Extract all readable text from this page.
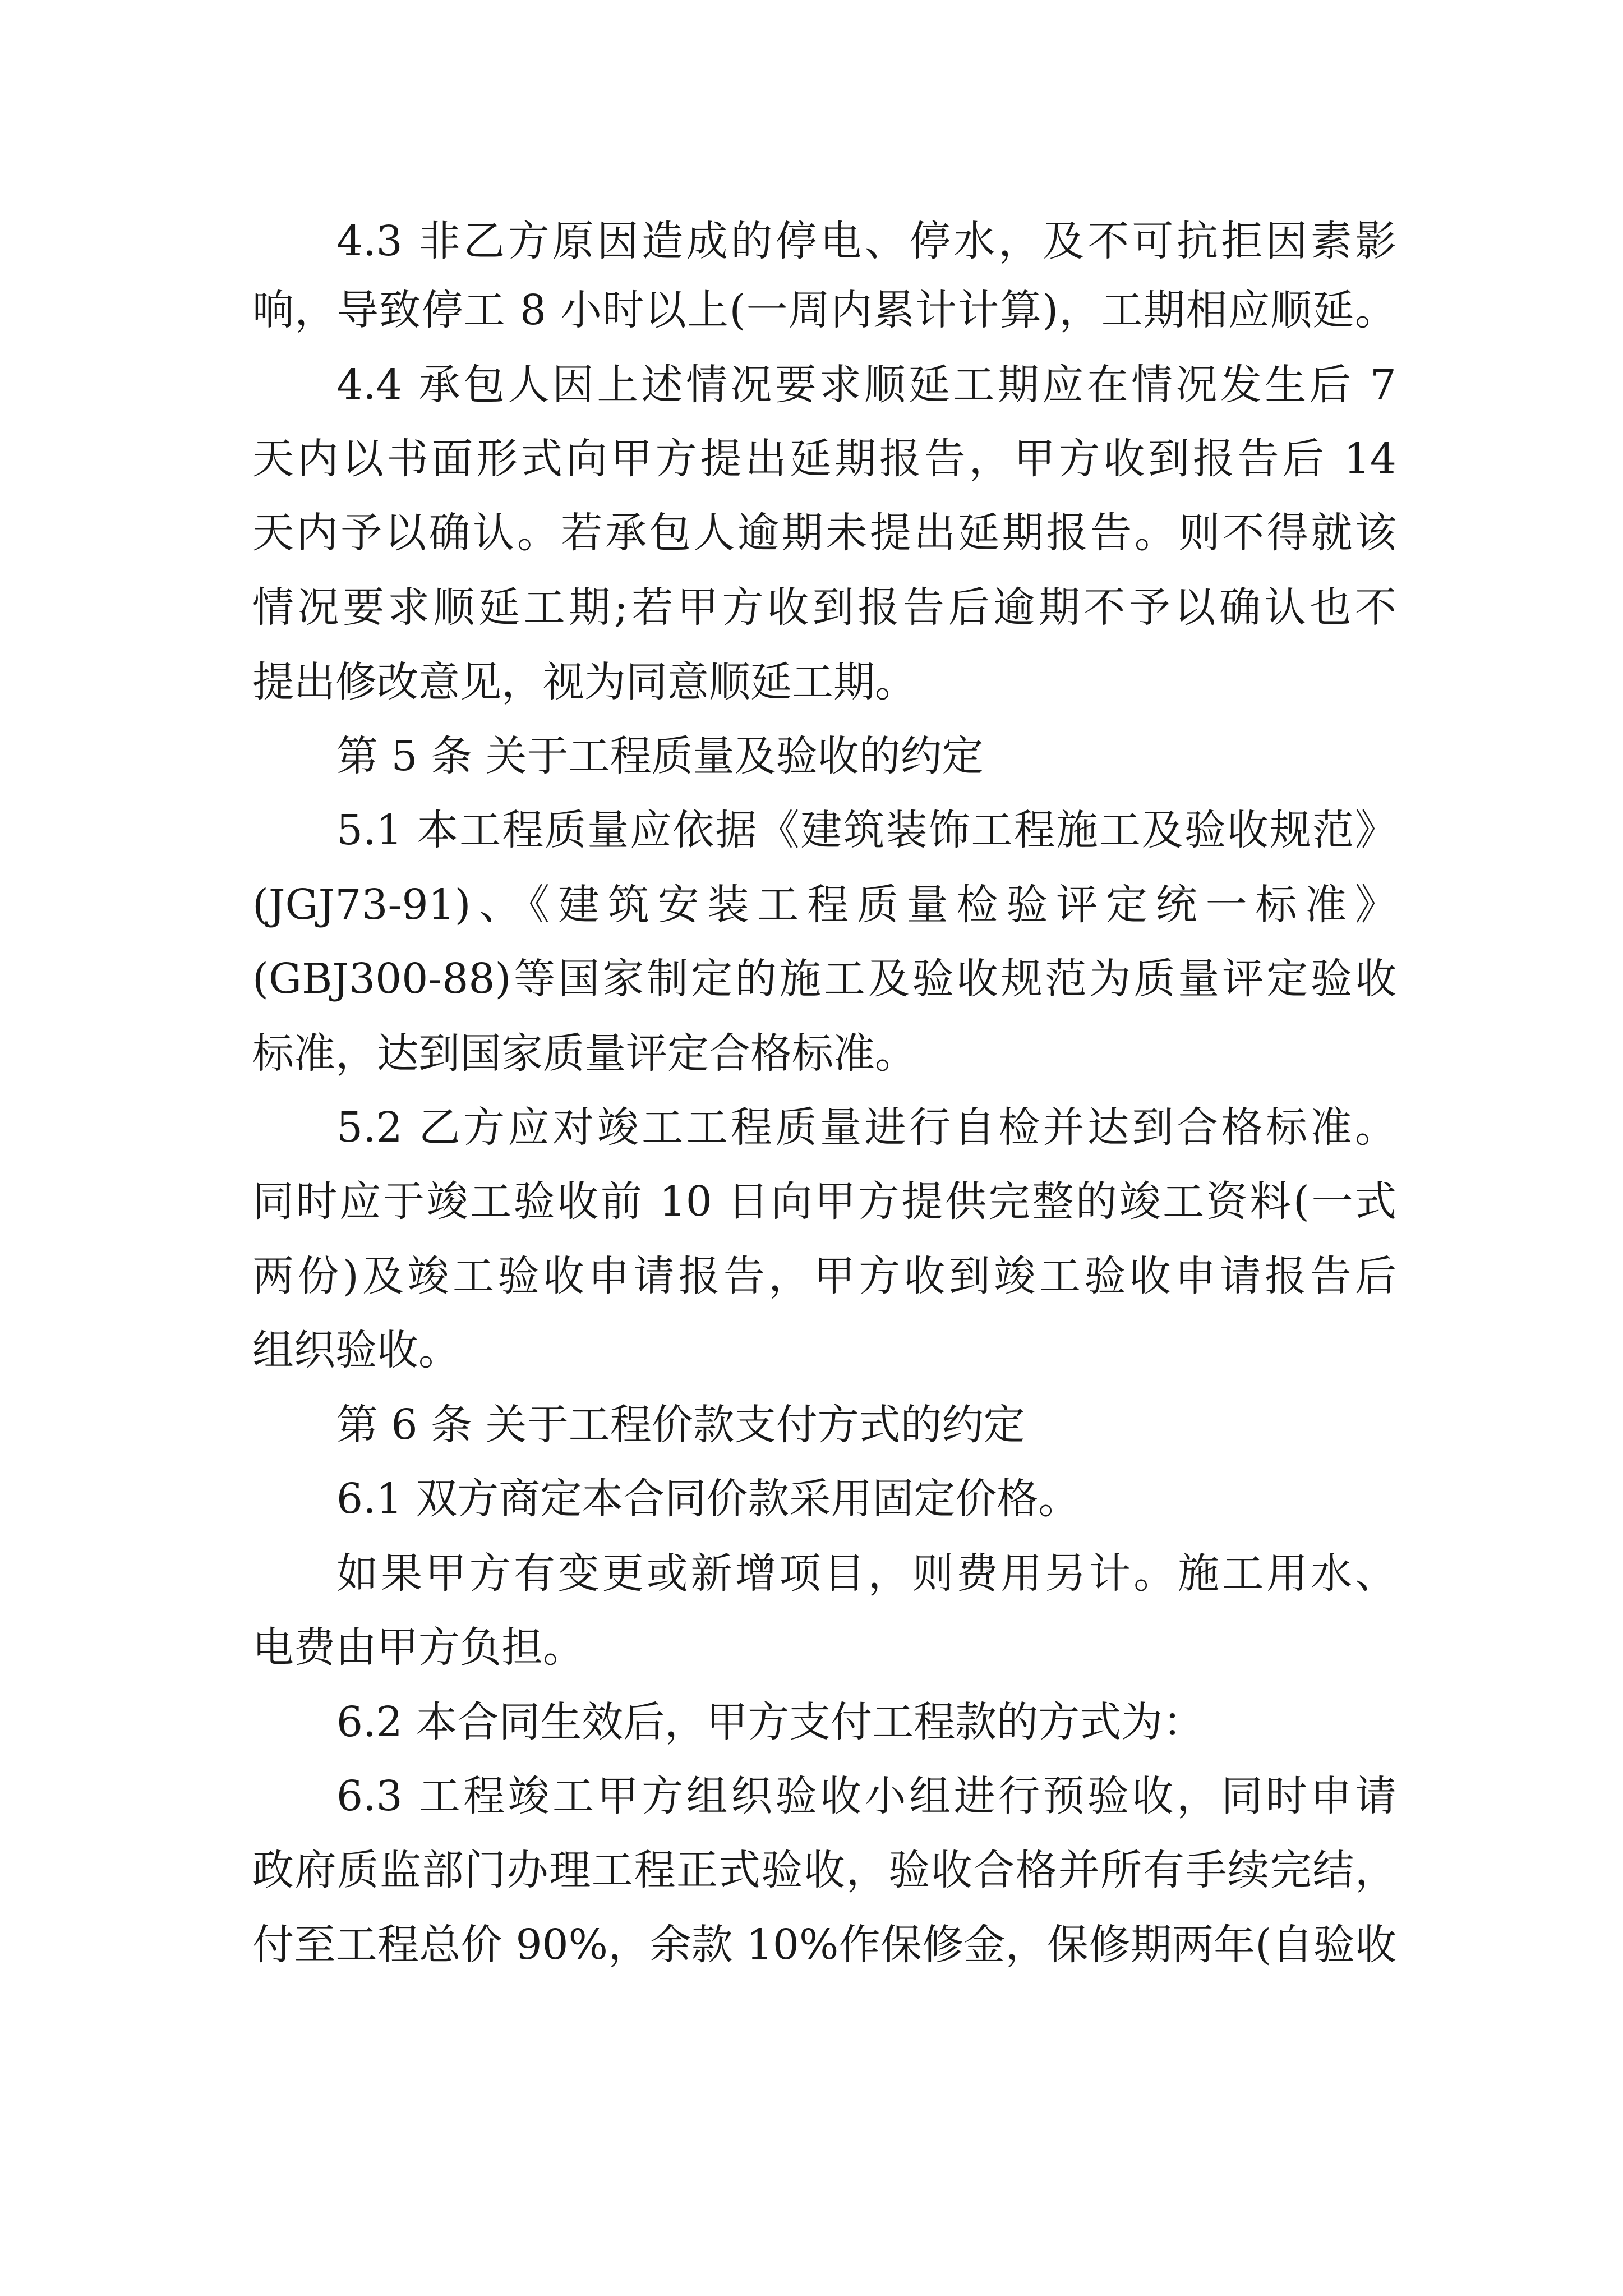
4.3 非乙方原因造成的停电、停水，及不可抗拒因素影
响，导致停工 8 小时以上(一周内累计计算)，工期相应顺延。
4.4 承包人因上述情况要求顺延工期应在情况发生后 7
天内以书面形式向甲方提出延期报告，甲方收到报告后 14
天内予以确认。若承包人逾期未提出延期报告。则不得就该
情况要求顺延工期;若甲方收到报告后逾期不予以确认也不
提出修改意见，视为同意顺延工期。
第 5 条 关于工程质量及验收的约定
5.1 本工程质量应依据《建筑装饰工程施工及验收规范》
(JGJ73-91)、《建筑安装工程质量检验评定统一标准》
(GBJ300-88)等国家制定的施工及验收规范为质量评定验收
标准，达到国家质量评定合格标准。
5.2 乙方应对竣工工程质量进行自检并达到合格标准。
同时应于竣工验收前 10 日向甲方提供完整的竣工资料(一式
两份)及竣工验收申请报告，甲方收到竣工验收申请报告后
组织验收。
第 6 条 关于工程价款支付方式的约定
6.1 双方商定本合同价款采用固定价格。
如果甲方有变更或新增项目，则费用另计。施工用水、
电费由甲方负担。
6.2 本合同生效后，甲方支付工程款的方式为：
6.3 工程竣工甲方组织验收小组进行预验收，同时申请
政府质监部门办理工程正式验收，验收合格并所有手续完结，
付至工程总价 90%，余款 10%作保修金，保修期两年(自验收
